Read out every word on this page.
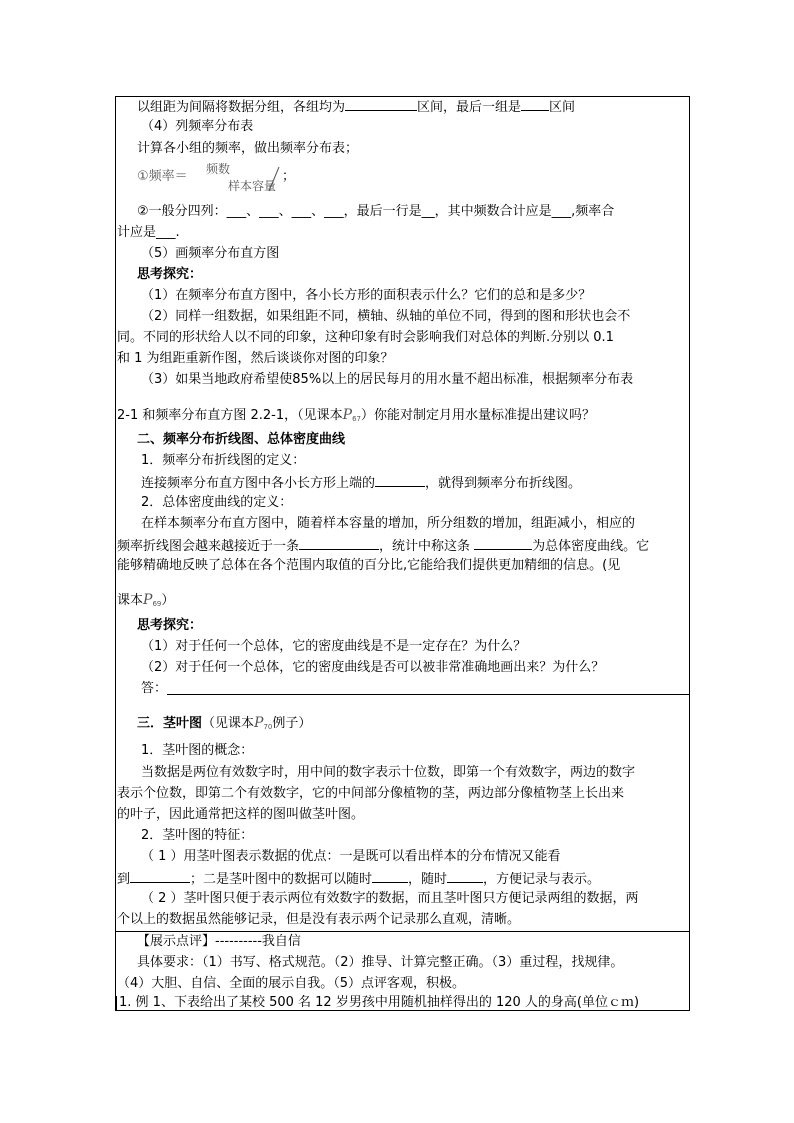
以组距为间隔将数据分组，各组均为	区间，最后一组是 区间
（4）列频率分布表
计算各小组的频率，做出频率分布表；
①频率＝ 频数
样本容量
；
②一般分四列：___、___、___、___，最后一行是__，其中频数合计应是___,频率合
计应是___.
（5）画频率分布直方图
思考探究：
（1）在频率分布直方图中，各小长方形的面积表示什么？它们的总和是多少？
（2）同样一组数据，如果组距不同，横轴、纵轴的单位不同，得到的图和形状也会不
同。不同的形状给人以不同的印象，这种印象有时会影响我们对总体的判断.分别以 0.1
和 1 为组距重新作图，然后谈谈你对图的印象？
（3）如果当地政府希望使85%以上的居民每月的用水量不超出标准，根据频率分布表
2-1 和频率分布直方图 2.2-1，（见课本$P_{67}$）你能对制定月用水量标准提出建议吗？
二、频率分布折线图、总体密度曲线
1．频率分布折线图的定义：
连接频率分布直方图中各小长方形上端的	，就得到频率分布折线图。
2．总体密度曲线的定义：
在样本频率分布直方图中，随着样本容量的增加，所分组数的增加，组距减小，相应的
频率折线图会越来越接近于一条	，统计中称这条	为总体密度曲线。它
能够精确地反映了总体在各个范围内取值的百分比,它能给我们提供更加精细的信息。(见
课本$P_{69}$）
思考探究：
（1）对于任何一个总体，它的密度曲线是不是一定存在？为什么？
（2）对于任何一个总体，它的密度曲线是否可以被非常准确地画出来？为什么？
答：
三．茎叶图（见课本$P_{70}$例子）
1．茎叶图的概念：
当数据是两位有效数字时，用中间的数字表示十位数，即第一个有效数字，两边的数字
表示个位数，即第二个有效数字，它的中间部分像植物的茎，两边部分像植物茎上长出来
的叶子，因此通常把这样的图叫做茎叶图。
2．茎叶图的特征：
（ 1 ）用茎叶图表示数据的优点：一是既可以看出样本的分布情况又能看
到	；二是茎叶图中的数据可以随时	，随时	，方便记录与表示。
（ 2 ）茎叶图只便于表示两位有效数字的数据，而且茎叶图只方便记录两组的数据，两
个以上的数据虽然能够记录，但是没有表示两个记录那么直观，清晰。
【展示点评】----------我自信
具体要求：（1）书写、格式规范。（2）推导、计算完整正确。（3）重过程，找规律。
（4）大胆、自信、全面的展示自我。（5）点评客观，积极。
1. 例 1、下表给出了某校 500 名 12 岁男孩中用随机抽样得出的 120 人的身高(单位ｃｍ)
